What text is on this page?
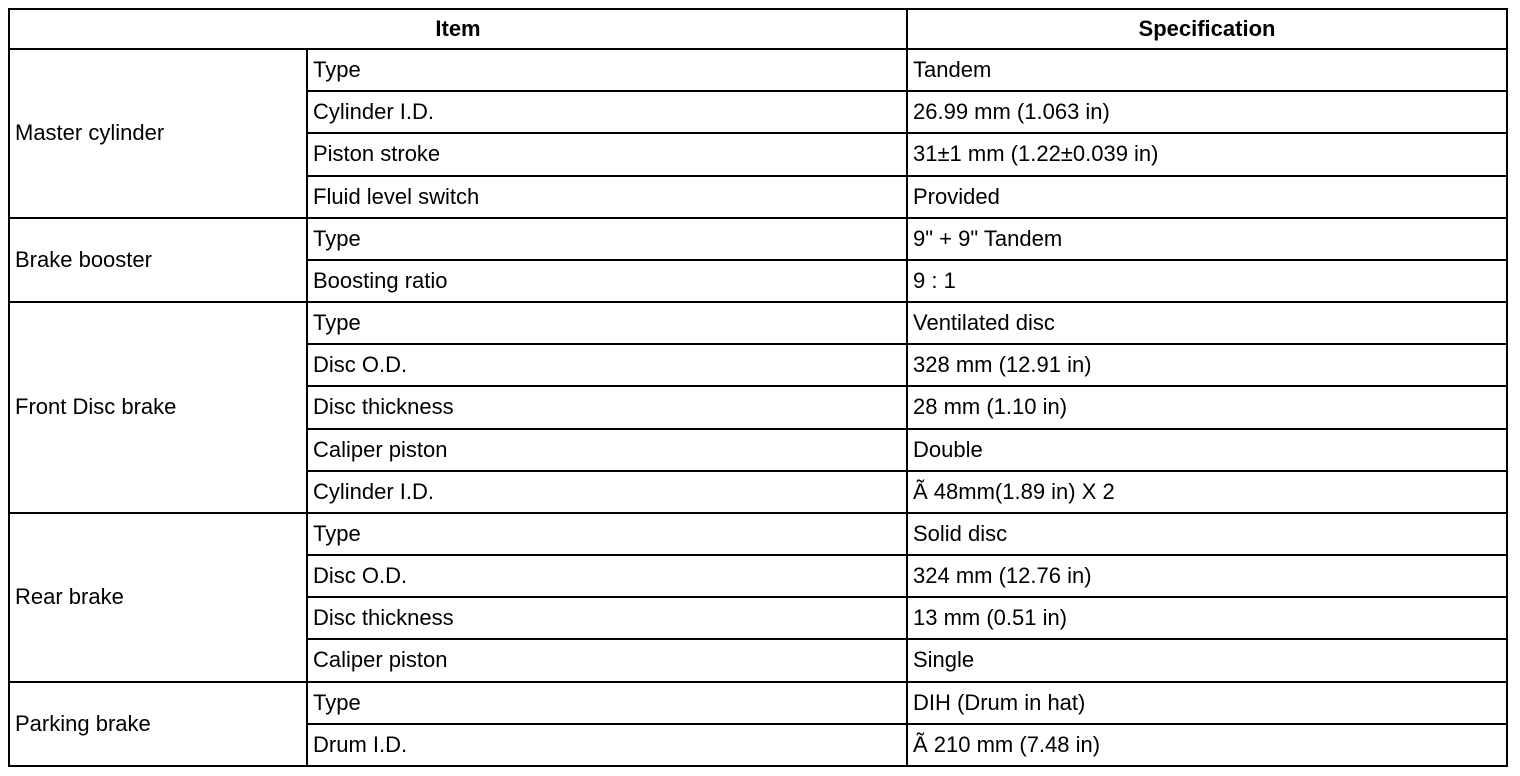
Item		Specification
Master cylinder	Type	Tandem
	Cylinder I.D.	26.99 mm (1.063 in)
	Piston stroke	31±1 mm (1.22±0.039 in)
	Fluid level switch	Provided
Brake booster	Type	9" + 9" Tandem
	Boosting ratio	9 : 1
Front Disc brake	Type	Ventilated disc
	Disc O.D.	328 mm (12.91 in)
	Disc thickness	28 mm (1.10 in)
	Caliper piston	Double
	Cylinder I.D.	Ã 48mm(1.89 in) X 2
Rear brake	Type	Solid disc
	Disc O.D.	324 mm (12.76 in)
	Disc thickness	13 mm (0.51 in)
	Caliper piston	Single
Parking brake	Type	DIH (Drum in hat)
	Drum I.D.	Ã 210 mm (7.48 in)
